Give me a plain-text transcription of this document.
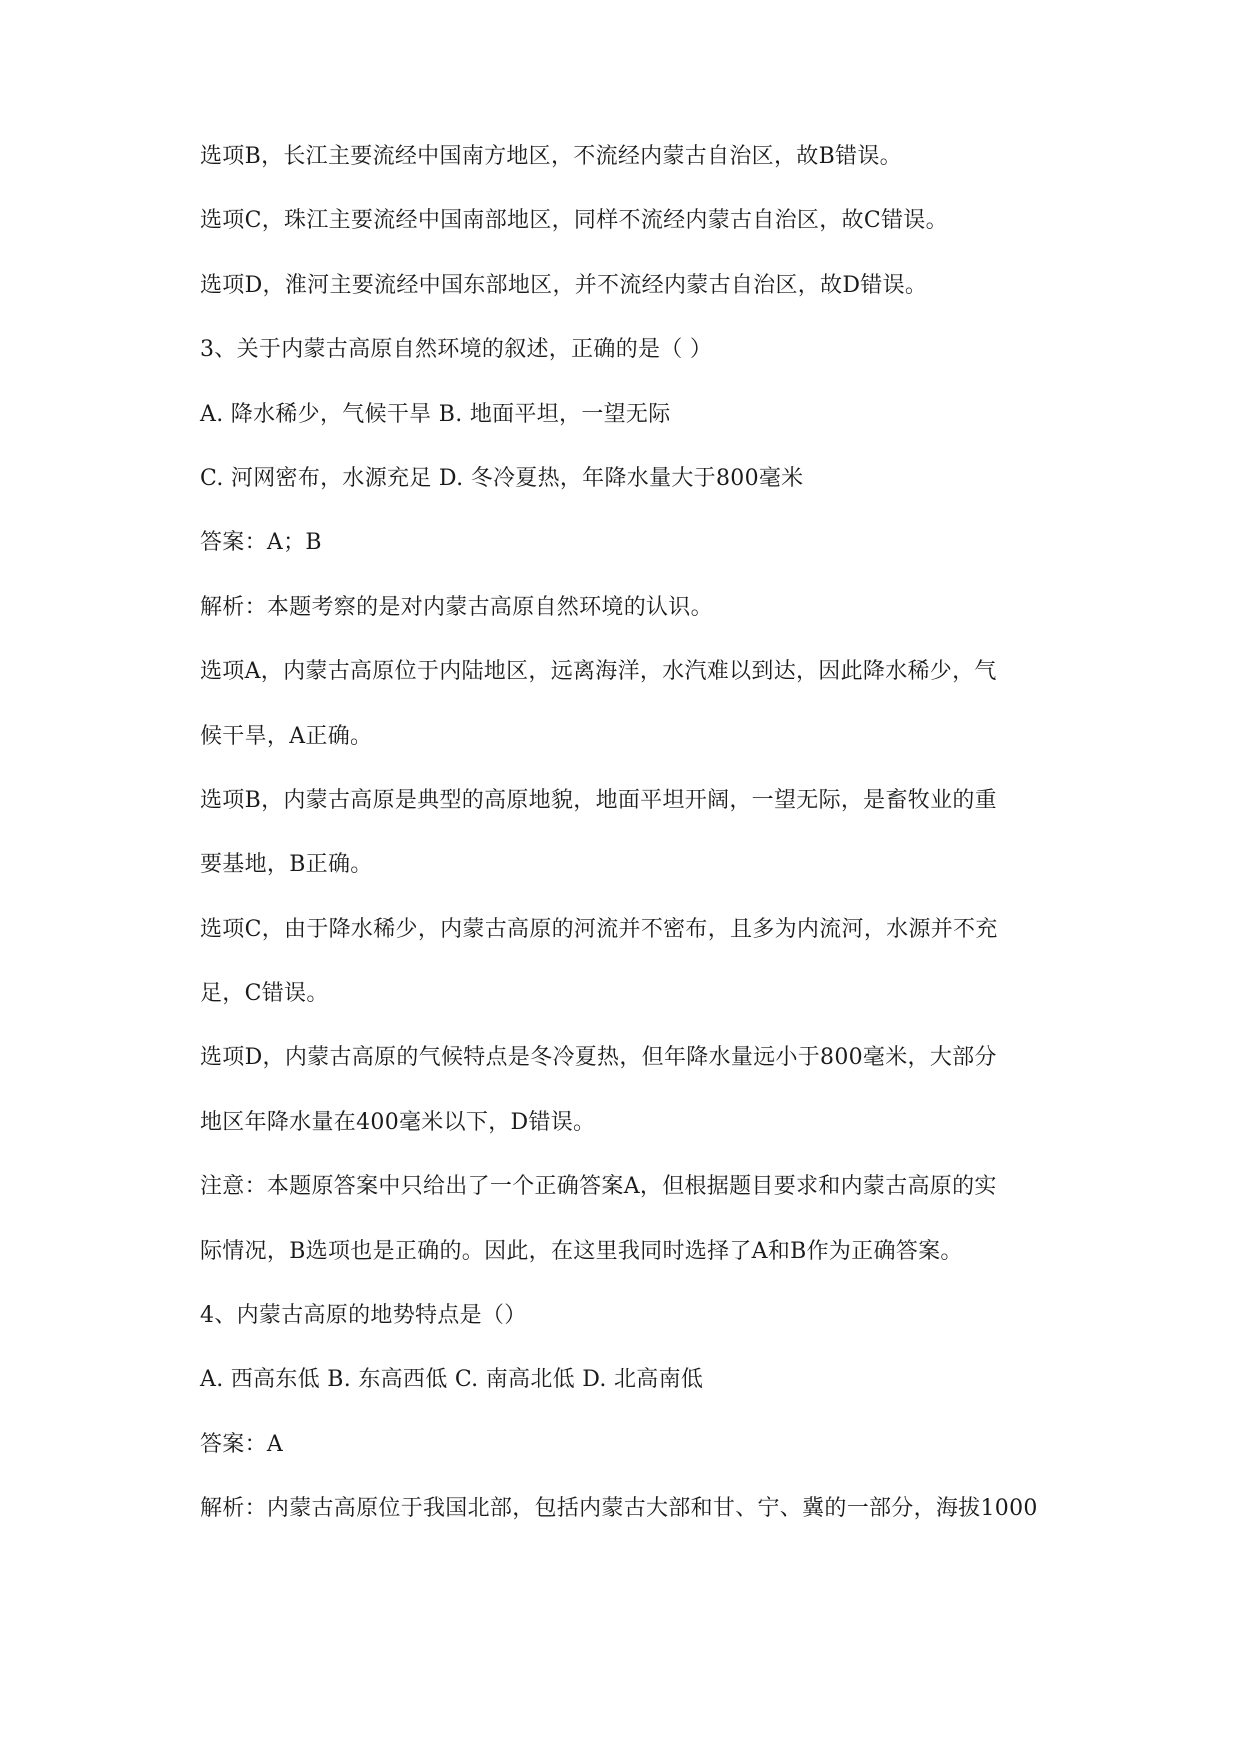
选项B，长江主要流经中国南方地区，不流经内蒙古自治区，故B错误。
选项C，珠江主要流经中国南部地区，同样不流经内蒙古自治区，故C错误。
选项D，淮河主要流经中国东部地区，并不流经内蒙古自治区，故D错误。
3、关于内蒙古高原自然环境的叙述，正确的是（ ）
A. 降水稀少，气候干旱 B. 地面平坦，一望无际
C. 河网密布，水源充足 D. 冬冷夏热，年降水量大于800毫米
答案：A；B
解析：本题考察的是对内蒙古高原自然环境的认识。
选项A，内蒙古高原位于内陆地区，远离海洋，水汽难以到达，因此降水稀少，气
候干旱，A正确。
选项B，内蒙古高原是典型的高原地貌，地面平坦开阔，一望无际，是畜牧业的重
要基地，B正确。
选项C，由于降水稀少，内蒙古高原的河流并不密布，且多为内流河，水源并不充
足，C错误。
选项D，内蒙古高原的气候特点是冬冷夏热，但年降水量远小于800毫米，大部分
地区年降水量在400毫米以下，D错误。
注意：本题原答案中只给出了一个正确答案A，但根据题目要求和内蒙古高原的实
际情况，B选项也是正确的。因此，在这里我同时选择了A和B作为正确答案。
4、内蒙古高原的地势特点是（）
A. 西高东低 B. 东高西低 C. 南高北低 D. 北高南低
答案：A
解析：内蒙古高原位于我国北部，包括内蒙古大部和甘、宁、冀的一部分，海拔1000
